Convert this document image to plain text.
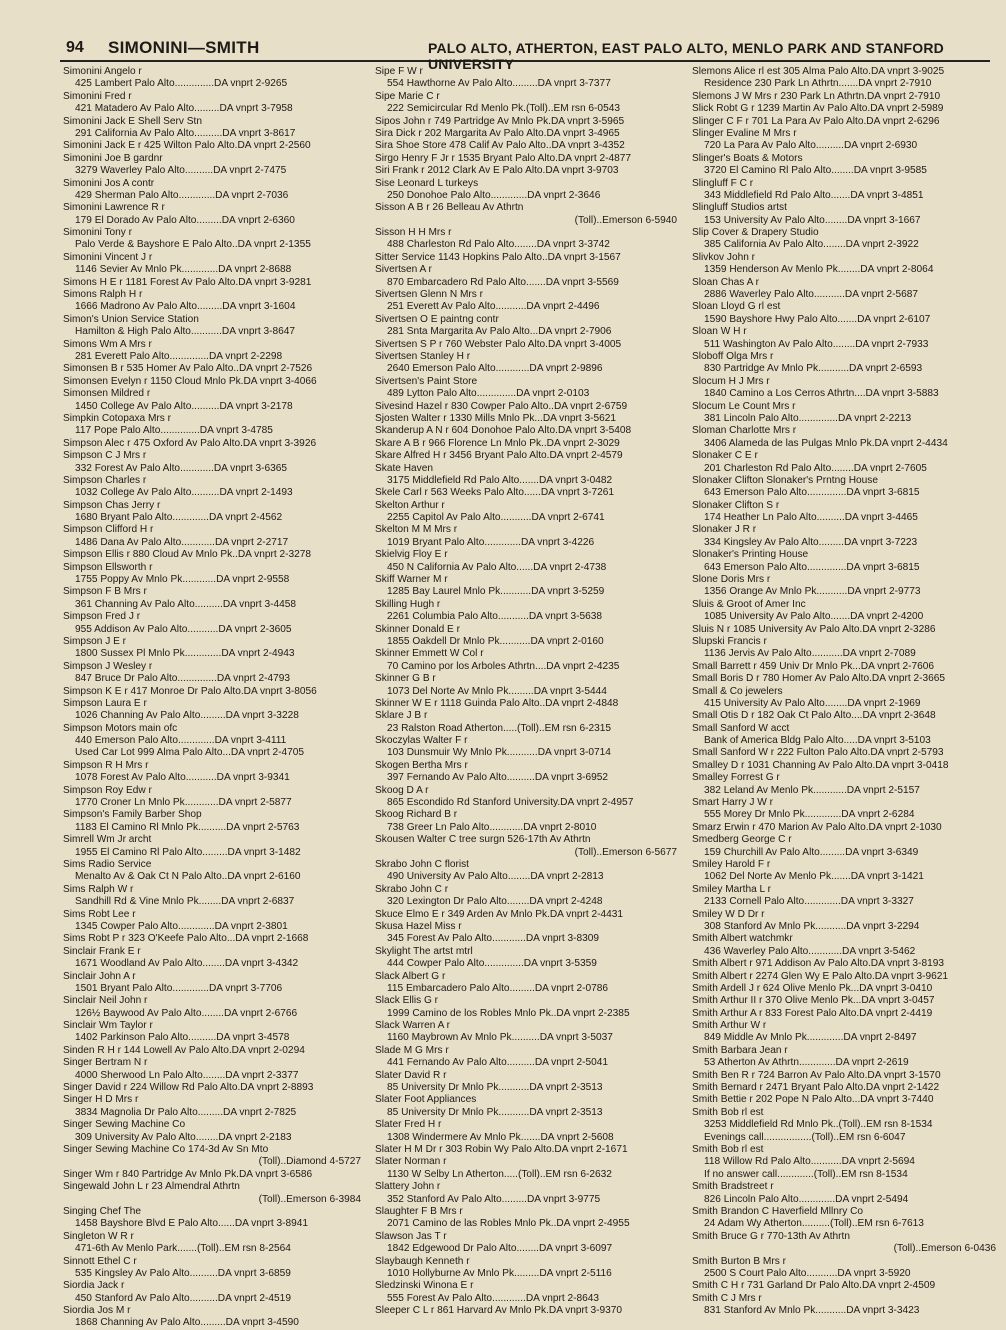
94 SIMONINI—SMITH	PALO ALTO, ATHERTON, EAST PALO ALTO, MENLO PARK AND STANFORD UNIVERSITY
Simonini Angelo r
425 Lambert Palo Alto..............DA vnprt 2-9265
Simonini Fred r
421 Matadero Av Palo Alto.........DA vnprt 3-7958
Simonini Jack E Shell Serv Stn
291 California Av Palo Alto..........DA vnprt 3-8617
Simonini Jack E r 425 Wilton Palo Alto.DA vnprt 2-2560
Simonini Joe B gardnr
3279 Waverley Palo Alto..........DA vnprt 2-7475
Simonini Jos A contr
429 Sherman Palo Alto.............DA vnprt 2-7036
Simonini Lawrence R r
179 El Dorado Av Palo Alto.........DA vnprt 2-6360
Simonini Tony r
Palo Verde & Bayshore E Palo Alto..DA vnprt 2-1355
Simonini Vincent J r
1146 Sevier Av Mnlo Pk.............DA vnprt 2-8688
Simons H E r 1181 Forest Av Palo Alto.DA vnprt 3-9281
Simons Ralph H r
1666 Madrono Av Palo Alto.........DA vnprt 3-1604
Simon's Union Service Station
Hamilton & High Palo Alto...........DA vnprt 3-8647
Simons Wm A Mrs r
281 Everett Palo Alto..............DA vnprt 2-2298
Simonsen B r 535 Homer Av Palo Alto..DA vnprt 2-7526
Simonsen Evelyn r 1150 Cloud Mnlo Pk.DA vnprt 3-4066
Simonsen Mildred r
1450 College Av Palo Alto..........DA vnprt 3-2178
Simpkin Cotopaxa Mrs r
117 Pope Palo Alto..............DA vnprt 3-4785
Simpson Alec r 475 Oxford Av Palo Alto.DA vnprt 3-3926
Simpson C J Mrs r
332 Forest Av Palo Alto............DA vnprt 3-6365
Simpson Charles r
1032 College Av Palo Alto..........DA vnprt 2-1493
Simpson Chas Jerry r
1680 Bryant Palo Alto.............DA vnprt 2-4562
Simpson Clifford H r
1486 Dana Av Palo Alto............DA vnprt 2-2717
Simpson Ellis r 880 Cloud Av Mnlo Pk..DA vnprt 2-3278
Simpson Ellsworth r
1755 Poppy Av Mnlo Pk............DA vnprt 2-9558
Simpson F B Mrs r
361 Channing Av Palo Alto..........DA vnprt 3-4458
Simpson Fred J r
955 Addison Av Palo Alto...........DA vnprt 2-3605
Simpson J E r
1800 Sussex Pl Mnlo Pk.............DA vnprt 2-4943
Simpson J Wesley r
847 Bruce Dr Palo Alto..............DA vnprt 2-4793
Simpson K E r 417 Monroe Dr Palo Alto.DA vnprt 3-8056
Simpson Laura E r
1026 Channing Av Palo Alto.........DA vnprt 3-3228
Simpson Motors main ofc
440 Emerson Palo Alto.............DA vnprt 3-4111
Used Car Lot 999 Alma Palo Alto...DA vnprt 2-4705
Simpson R H Mrs r
1078 Forest Av Palo Alto...........DA vnprt 3-9341
Simpson Roy Edw r
1770 Croner Ln Mnlo Pk............DA vnprt 2-5877
Simpson's Family Barber Shop
1183 El Camino Rl Mnlo Pk..........DA vnprt 2-5763
Simrell Wm Jr archt
1955 El Camino Rl Palo Alto.........DA vnprt 3-1482
Sims Radio Service
Menalto Av & Oak Ct N Palo Alto..DA vnprt 2-6160
Sims Ralph W r
Sandhill Rd & Vine Mnlo Pk........DA vnprt 2-6837
Sims Robt Lee r
1345 Cowper Palo Alto.............DA vnprt 2-3801
Sims Robt P r 323 O'Keefe Palo Alto...DA vnprt 2-1668
Sinclair Frank E r
1671 Woodland Av Palo Alto........DA vnprt 3-4342
Sinclair John A r
1501 Bryant Palo Alto.............DA vnprt 3-7706
Sinclair Neil John r
126½ Baywood Av Palo Alto........DA vnprt 2-6766
Sinclair Wm Taylor r
1402 Parkinson Palo Alto..........DA vnprt 3-4578
Sinden R H r 144 Lowell Av Palo Alto.DA vnprt 2-0294
Singer Bertram N r
4000 Sherwood Ln Palo Alto........DA vnprt 2-3377
Singer David r 224 Willow Rd Palo Alto.DA vnprt 2-8893
Singer H D Mrs r
3834 Magnolia Dr Palo Alto.........DA vnprt 2-7825
Singer Sewing Machine Co
309 University Av Palo Alto........DA vnprt 2-2183
Singer Sewing Machine Co 174-3d Av Sn Mto
(Toll)..Diamond 4-5727
Singer Wm r 840 Partridge Av Mnlo Pk.DA vnprt 3-6586
Singewald John L r 23 Almendral Athrtn
(Toll)..Emerson 6-3984
Singing Chef The
1458 Bayshore Blvd E Palo Alto......DA vnprt 3-8941
Singleton W R r
471-6th Av Menlo Park.......(Toll)..EM rsn 8-2564
Sinnott Ethel C r
535 Kingsley Av Palo Alto..........DA vnprt 3-6859
Siordia Jack r
450 Stanford Av Palo Alto..........DA vnprt 2-4519
Siordia Jos M r
1868 Channing Av Palo Alto.........DA vnprt 3-4590
Sipe F W r
554 Hawthorne Av Palo Alto.........DA vnprt 3-7377
Sipe Marie C r
222 Semicircular Rd Menlo Pk.(Toll)..EM rsn 6-0543
Sipos John r 749 Partridge Av Mnlo Pk.DA vnprt 3-5965
Sira Dick r 202 Margarita Av Palo Alto.DA vnprt 3-4965
Sira Shoe Store 478 Calif Av Palo Alto..DA vnprt 3-4352
Sirgo Henry F Jr r 1535 Bryant Palo Alto.DA vnprt 2-4877
Siri Frank r 2012 Clark Av E Palo Alto.DA vnprt 3-9703
Sise Leonard L turkeys
250 Donohoe Palo Alto.............DA vnprt 2-3646
Sisson A B r 26 Belleau Av Athrtn
(Toll)..Emerson 6-5940
Sisson H H Mrs r
488 Charleston Rd Palo Alto........DA vnprt 3-3742
Sitter Service 1143 Hopkins Palo Alto..DA vnprt 3-1567
Sivertsen A r
870 Embarcadero Rd Palo Alto.......DA vnprt 3-5569
Sivertsen Glenn N Mrs r
251 Everett Av Palo Alto...........DA vnprt 2-4496
Sivertsen O E paintng contr
281 Snta Margarita Av Palo Alto...DA vnprt 2-7906
Sivertsen S P r 760 Webster Palo Alto.DA vnprt 3-4005
Sivertsen Stanley H r
2640 Emerson Palo Alto............DA vnprt 2-9896
Sivertsen's Paint Store
489 Lytton Palo Alto..............DA vnprt 2-0103
Sivesind Hazel r 830 Cowper Palo Alto..DA vnprt 2-6759
Sjosten Walter r 1330 Mills Mnlo Pk...DA vnprt 3-5621
Skanderup A N r 604 Donohoe Palo Alto.DA vnprt 3-5408
Skare A B r 966 Florence Ln Mnlo Pk..DA vnprt 2-3029
Skare Alfred H r 3456 Bryant Palo Alto.DA vnprt 2-4579
Skate Haven
3175 Middlefield Rd Palo Alto.......DA vnprt 3-0482
Skele Carl r 563 Weeks Palo Alto......DA vnprt 3-7261
Skelton Arthur r
2255 Capitol Av Palo Alto...........DA vnprt 2-6741
Skelton M M Mrs r
1019 Bryant Palo Alto.............DA vnprt 3-4226
Skielvig Floy E r
450 N California Av Palo Alto......DA vnprt 2-4738
Skiff Warner M r
1285 Bay Laurel Mnlo Pk...........DA vnprt 3-5259
Skilling Hugh r
2261 Columbia Palo Alto...........DA vnprt 3-5638
Skinner Donald E r
1855 Oakdell Dr Mnlo Pk...........DA vnprt 2-0160
Skinner Emmett W Col r
70 Camino por los Arboles Athrtn....DA vnprt 2-4235
Skinner G B r
1073 Del Norte Av Mnlo Pk.........DA vnprt 3-5444
Skinner W E r 1118 Guinda Palo Alto..DA vnprt 2-4848
Sklare J B r
23 Ralston Road Atherton.....(Toll)..EM rsn 6-2315
Skoczylas Walter F r
103 Dunsmuir Wy Mnlo Pk...........DA vnprt 3-0714
Skogen Bertha Mrs r
397 Fernando Av Palo Alto..........DA vnprt 3-6952
Skoog D A r
865 Escondido Rd Stanford University.DA vnprt 2-4957
Skoog Richard B r
738 Greer Ln Palo Alto............DA vnprt 2-8010
Skousen Walter C tree surgn 526-17th Av Athrtn
(Toll)..Emerson 6-5677
Skrabo John C florist
490 University Av Palo Alto........DA vnprt 2-2813
Skrabo John C r
320 Lexington Dr Palo Alto........DA vnprt 2-4248
Skuce Elmo E r 349 Arden Av Mnlo Pk.DA vnprt 2-4431
Skusa Hazel Miss r
345 Forest Av Palo Alto............DA vnprt 3-8309
Skylight The artst mtrl
444 Cowper Palo Alto..............DA vnprt 3-5359
Slack Albert G r
115 Embarcadero Palo Alto.........DA vnprt 2-0786
Slack Ellis G r
1999 Camino de los Robles Mnlo Pk..DA vnprt 2-2385
Slack Warren A r
1160 Maybrown Av Mnlo Pk..........DA vnprt 3-5037
Slade M G Mrs r
441 Fernando Av Palo Alto..........DA vnprt 2-5041
Slater David R r
85 University Dr Mnlo Pk...........DA vnprt 2-3513
Slater Foot Appliances
85 University Dr Mnlo Pk...........DA vnprt 2-3513
Slater Fred H r
1308 Windermere Av Mnlo Pk.......DA vnprt 2-5608
Slater H M Dr r 303 Robin Wy Palo Alto.DA vnprt 2-1671
Slater Norman r
1130 W Selby Ln Atherton.....(Toll)..EM rsn 6-2632
Slattery John r
352 Stanford Av Palo Alto.........DA vnprt 3-9775
Slaughter F B Mrs r
2071 Camino de las Robles Mnlo Pk..DA vnprt 2-4955
Slawson Jas T r
1842 Edgewood Dr Palo Alto........DA vnprt 3-6097
Slaybaugh Kenneth r
1010 Hollyburne Av Mnlo Pk.........DA vnprt 2-5116
Sledzinski Winona E r
555 Forest Av Palo Alto............DA vnprt 2-8643
Sleeper C L r 861 Harvard Av Mnlo Pk.DA vnprt 3-9370
Slemons Alice rl est 305 Alma Palo Alto.DA vnprt 3-9025
Residence 230 Park Ln Athrtn.......DA vnprt 2-7910
Slemons J W Mrs r 230 Park Ln Athrtn.DA vnprt 2-7910
Slick Robt G r 1239 Martin Av Palo Alto.DA vnprt 2-5989
Slinger C F r 701 La Para Av Palo Alto.DA vnprt 2-6296
Slinger Evaline M Mrs r
720 La Para Av Palo Alto..........DA vnprt 2-6930
Slinger's Boats & Motors
3720 El Camino Rl Palo Alto........DA vnprt 3-9585
Slingluff F C r
343 Middlefield Rd Palo Alto.......DA vnprt 3-4851
Slingluff Studios artst
153 University Av Palo Alto........DA vnprt 3-1667
Slip Cover & Drapery Studio
385 California Av Palo Alto........DA vnprt 2-3922
Slivkov John r
1359 Henderson Av Menlo Pk........DA vnprt 2-8064
Sloan Chas A r
2886 Waverley Palo Alto...........DA vnprt 2-5687
Sloan Lloyd G rl est
1590 Bayshore Hwy Palo Alto.......DA vnprt 2-6107
Sloan W H r
511 Washington Av Palo Alto........DA vnprt 2-7933
Sloboff Olga Mrs r
830 Partridge Av Mnlo Pk...........DA vnprt 2-6593
Slocum H J Mrs r
1840 Camino a Los Cerros Athrtn....DA vnprt 3-5883
Slocum Le Count Mrs r
381 Lincoln Palo Alto..............DA vnprt 2-2213
Sloman Charlotte Mrs r
3406 Alameda de las Pulgas Mnlo Pk.DA vnprt 2-4434
Slonaker C E r
201 Charleston Rd Palo Alto........DA vnprt 2-7605
Slonaker Clifton Slonaker's Prntng House
643 Emerson Palo Alto..............DA vnprt 3-6815
Slonaker Clifton S r
174 Heather Ln Palo Alto..........DA vnprt 3-4465
Slonaker J R r
334 Kingsley Av Palo Alto.........DA vnprt 3-7223
Slonaker's Printing House
643 Emerson Palo Alto..............DA vnprt 3-6815
Slone Doris Mrs r
1356 Orange Av Mnlo Pk...........DA vnprt 2-9773
Sluis & Groot of Amer Inc
1085 University Av Palo Alto.......DA vnprt 2-4200
Sluis N r 1085 University Av Palo Alto.DA vnprt 2-3286
Slupski Francis r
1136 Jervis Av Palo Alto...........DA vnprt 2-7089
Small Barrett r 459 Univ Dr Mnlo Pk...DA vnprt 2-7606
Small Boris D r 780 Homer Av Palo Alto.DA vnprt 2-3665
Small & Co jewelers
415 University Av Palo Alto........DA vnprt 2-1969
Small Otis D r 182 Oak Ct Palo Alto....DA vnprt 2-3648
Small Sanford W acct
Bank of America Bldg Palo Alto.....DA vnprt 3-5103
Small Sanford W r 222 Fulton Palo Alto.DA vnprt 2-5793
Smalley D r 1031 Channing Av Palo Alto.DA vnprt 3-0418
Smalley Forrest G r
382 Leland Av Menlo Pk............DA vnprt 2-5157
Smart Harry J W r
555 Morey Dr Mnlo Pk.............DA vnprt 2-6284
Smarz Erwin r 470 Marion Av Palo Alto.DA vnprt 2-1030
Smedberg George C r
159 Churchill Av Palo Alto.........DA vnprt 3-6349
Smiley Harold F r
1062 Del Norte Av Menlo Pk.......DA vnprt 3-1421
Smiley Martha L r
2133 Cornell Palo Alto.............DA vnprt 3-3327
Smiley W D Dr r
308 Stanford Av Mnlo Pk...........DA vnprt 3-2294
Smith Albert watchmkr
436 Waverley Palo Alto............DA vnprt 3-5462
Smith Albert r 971 Addison Av Palo Alto.DA vnprt 3-8193
Smith Albert r 2274 Glen Wy E Palo Alto.DA vnprt 3-9621
Smith Ardell J r 624 Olive Menlo Pk...DA vnprt 3-0410
Smith Arthur II r 370 Olive Menlo Pk...DA vnprt 3-0457
Smith Arthur A r 833 Forest Palo Alto.DA vnprt 2-4419
Smith Arthur W r
849 Middle Av Mnlo Pk.............DA vnprt 2-8497
Smith Barbara Jean r
53 Atherton Av Athrtn.............DA vnprt 2-2619
Smith Ben R r 724 Barron Av Palo Alto.DA vnprt 3-1570
Smith Bernard r 2471 Bryant Palo Alto.DA vnprt 2-1422
Smith Bettie r 202 Pope N Palo Alto...DA vnprt 3-7440
Smith Bob rl est
3253 Middlefield Rd Mnlo Pk..(Toll)..EM rsn 8-1534
Evenings call.................(Toll)..EM rsn 6-6047
Smith Bob rl est
118 Willow Rd Palo Alto...........DA vnprt 2-5694
If no answer call.............(Toll)..EM rsn 8-1534
Smith Bradstreet r
826 Lincoln Palo Alto.............DA vnprt 2-5494
Smith Brandon C Haverfield Mllnry Co
24 Adam Wy Atherton..........(Toll)..EM rsn 6-7613
Smith Bruce G r 770-13th Av Athrtn
(Toll)..Emerson 6-0436
Smith Burton B Mrs r
2500 S Court Palo Alto...........DA vnprt 3-5920
Smith C H r 731 Garland Dr Palo Alto.DA vnprt 2-4509
Smith C J Mrs r
831 Stanford Av Mnlo Pk...........DA vnprt 3-3423
